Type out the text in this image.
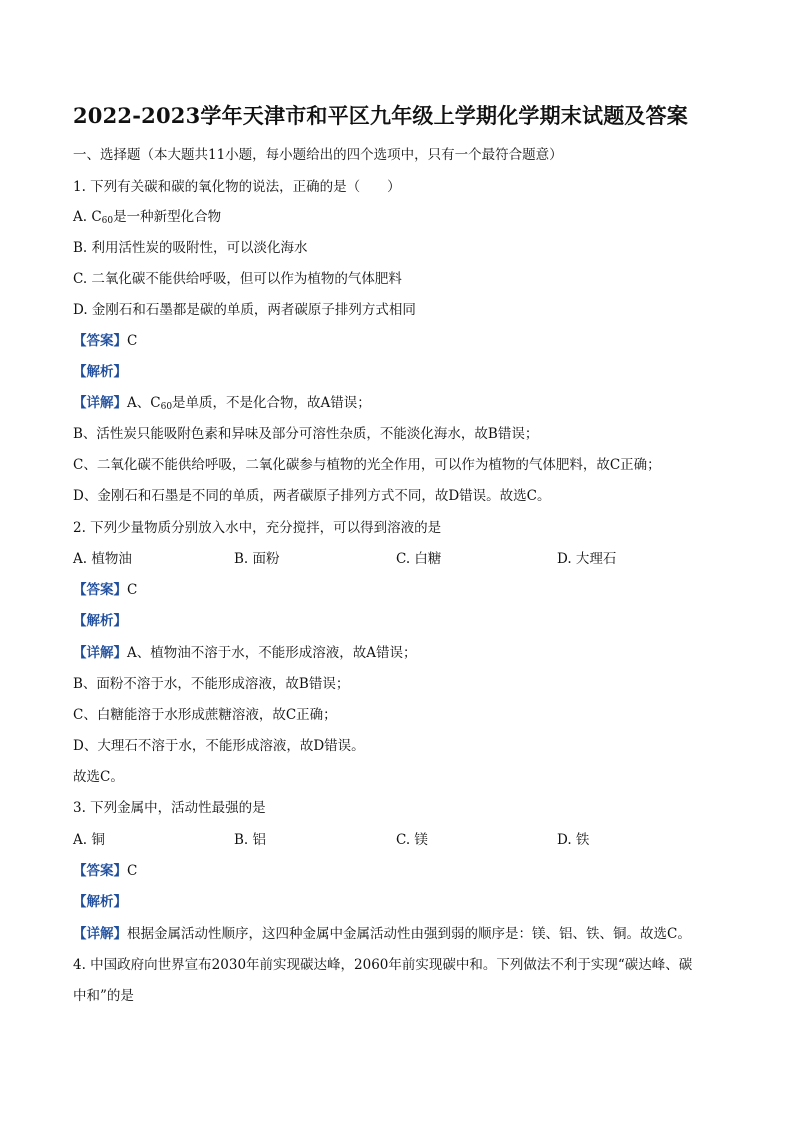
2022-2023学年天津市和平区九年级上学期化学期末试题及答案
一、选择题（本大题共11小题，每小题给出的四个选项中，只有一个最符合题意）
1. 下列有关碳和碳的氧化物的说法，正确的是（　　）
A. $C_{60}$是一种新型化合物
B. 利用活性炭的吸附性，可以淡化海水
C. 二氧化碳不能供给呼吸，但可以作为植物的气体肥料
D. 金刚石和石墨都是碳的单质，两者碳原子排列方式相同
【答案】C
【解析】
【详解】A、$C_{60}$是单质，不是化合物，故A错误；
B、活性炭只能吸附色素和异味及部分可溶性杂质，不能淡化海水，故B错误；
C、二氧化碳不能供给呼吸，二氧化碳参与植物的光全作用，可以作为植物的气体肥料，故C正确；
D、金刚石和石墨是不同的单质，两者碳原子排列方式不同，故D错误。故选C。
2. 下列少量物质分别放入水中，充分搅拌，可以得到溶液的是
A. 植物油	B. 面粉	C. 白糖	D. 大理石
【答案】C
【解析】
【详解】A、植物油不溶于水，不能形成溶液，故A错误；
B、面粉不溶于水，不能形成溶液，故B错误；
C、白糖能溶于水形成蔗糖溶液，故C正确；
D、大理石不溶于水，不能形成溶液，故D错误。
故选C。
3. 下列金属中，活动性最强的是
A. 铜	B. 铝	C. 镁	D. 铁
【答案】C
【解析】
【详解】根据金属活动性顺序，这四种金属中金属活动性由强到弱的顺序是：镁、铝、铁、铜。故选C。
4. 中国政府向世界宣布2030年前实现碳达峰，2060年前实现碳中和。下列做法不利于实现“碳达峰、碳
中和”的是
